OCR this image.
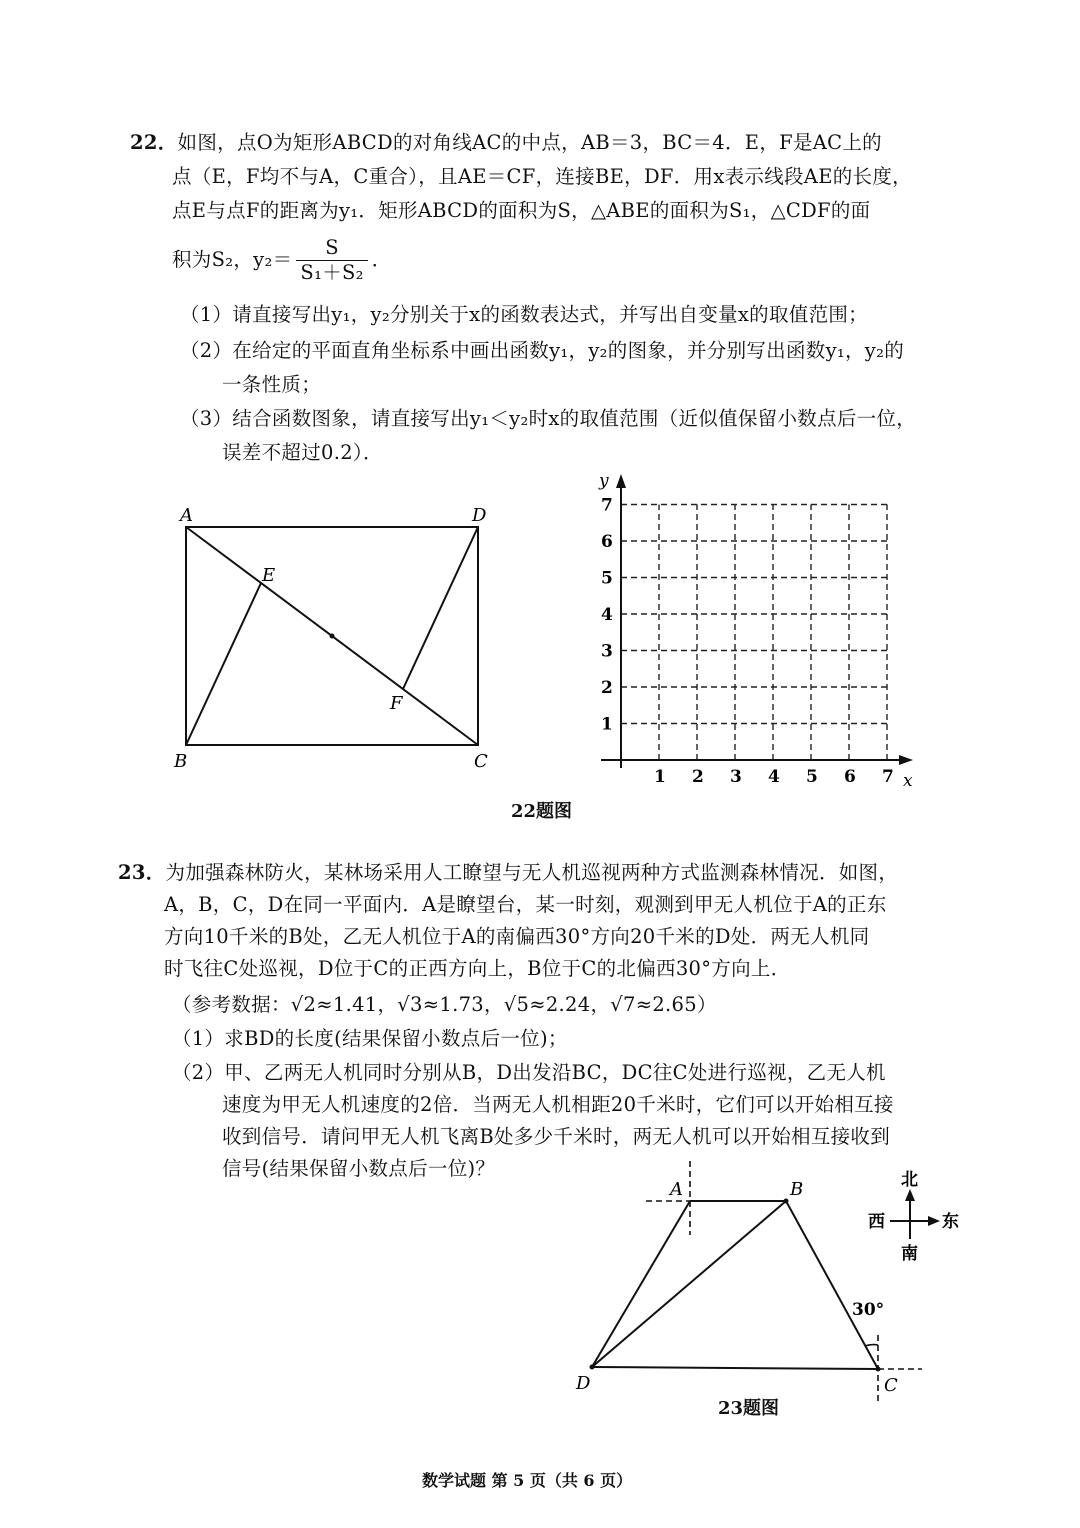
22．如图，点O为矩形ABCD的对角线AC的中点，AB＝3，BC＝4．E，F是AC上的
点（E，F均不与A，C重合），且AE＝CF，连接BE，DF．用x表示线段AE的长度，
点E与点F的距离为y₁．矩形ABCD的面积为S，△ABE的面积为S₁，△CDF的面
积为S₂，$y_2= \frac{S}{\text{S₁＋S₂}}$ ．
（1）请直接写出y₁，y₂分别关于x的函数表达式，并写出自变量x的取值范围；
（2）在给定的平面直角坐标系中画出函数y₁，y₂的图象，并分别写出函数y₁，y₂的
一条性质；
（3）结合函数图象，请直接写出y₁＜y₂时x的取值范围（近似值保留小数点后一位，
误差不超过0.2）．
A	D
B	C
E
F
y
x
1 2 3 4 5 6 7
1
2
3
4
5
6
7
22题图
23．为加强森林防火，某林场采用人工瞭望与无人机巡视两种方式监测森林情况．如图，
A，B，C，D在同一平面内．A是瞭望台，某一时刻，观测到甲无人机位于A的正东
方向10千米的B处，乙无人机位于A的南偏西30°方向20千米的D处．两无人机同
时飞往C处巡视，D位于C的正西方向上，B位于C的北偏西30°方向上．
（参考数据：√2≈1.41，√3≈1.73，√5≈2.24，√7≈2.65）
（1）求BD的长度(结果保留小数点后一位)；
（2）甲、乙两无人机同时分别从B，D出发沿BC，DC往C处进行巡视，乙无人机
速度为甲无人机速度的2倍．当两无人机相距20千米时，它们可以开始相互接
收到信号．请问甲无人机飞离B处多少千米时，两无人机可以开始相互接收到
信号(结果保留小数点后一位)？
A	B
D	C
30°
北
南
西	东
23题图
数学试题 第 5 页（共 6 页）
